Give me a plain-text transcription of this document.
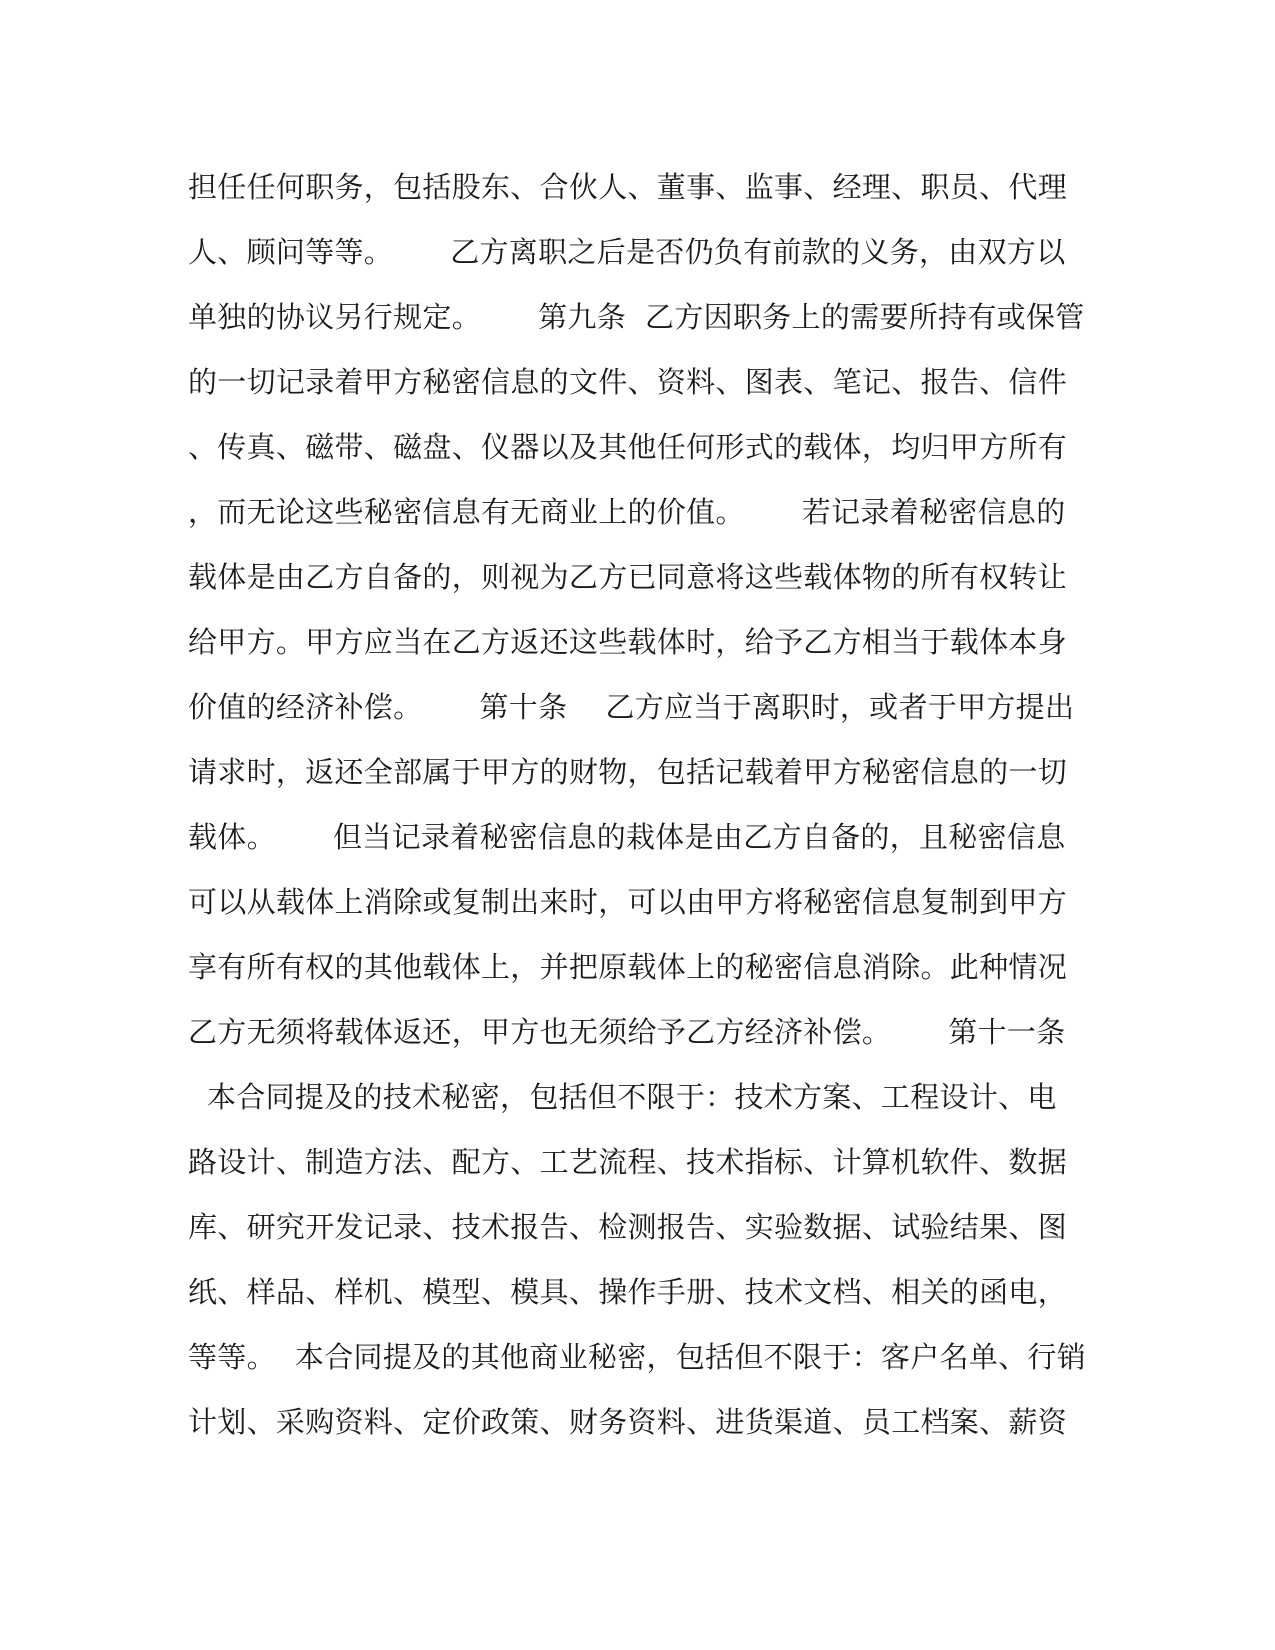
担任任何职务，包括股东、合伙人、董事、监事、经理、职员、代理
人、顾问等等。      乙方离职之后是否仍负有前款的义务，由双方以
单独的协议另行规定。      第九条  乙方因职务上的需要所持有或保管
的一切记录着甲方秘密信息的文件、资料、图表、笔记、报告、信件
、传真、磁带、磁盘、仪器以及其他任何形式的载体，均归甲方所有
，而无论这些秘密信息有无商业上的价值。      若记录着秘密信息的
载体是由乙方自备的，则视为乙方已同意将这些载体物的所有权转让
给甲方。甲方应当在乙方返还这些载体时，给予乙方相当于载体本身
价值的经济补偿。      第十条    乙方应当于离职时，或者于甲方提出
请求时，返还全部属于甲方的财物，包括记载着甲方秘密信息的一切
载体。      但当记录着秘密信息的栽体是由乙方自备的，且秘密信息
可以从载体上消除或复制出来时，可以由甲方将秘密信息复制到甲方
享有所有权的其他载体上，并把原载体上的秘密信息消除。此种情况
乙方无须将载体返还，甲方也无须给予乙方经济补偿。      第十一条
本合同提及的技术秘密，包括但不限于：技术方案、工程设计、电
路设计、制造方法、配方、工艺流程、技术指标、计算机软件、数据
库、研究开发记录、技术报告、检测报告、实验数据、试验结果、图
纸、样品、样机、模型、模具、操作手册、技术文档、相关的函电，
等等。  本合同提及的其他商业秘密，包括但不限于：客户名单、行销
计划、采购资料、定价政策、财务资料、进货渠道、员工档案、薪资
